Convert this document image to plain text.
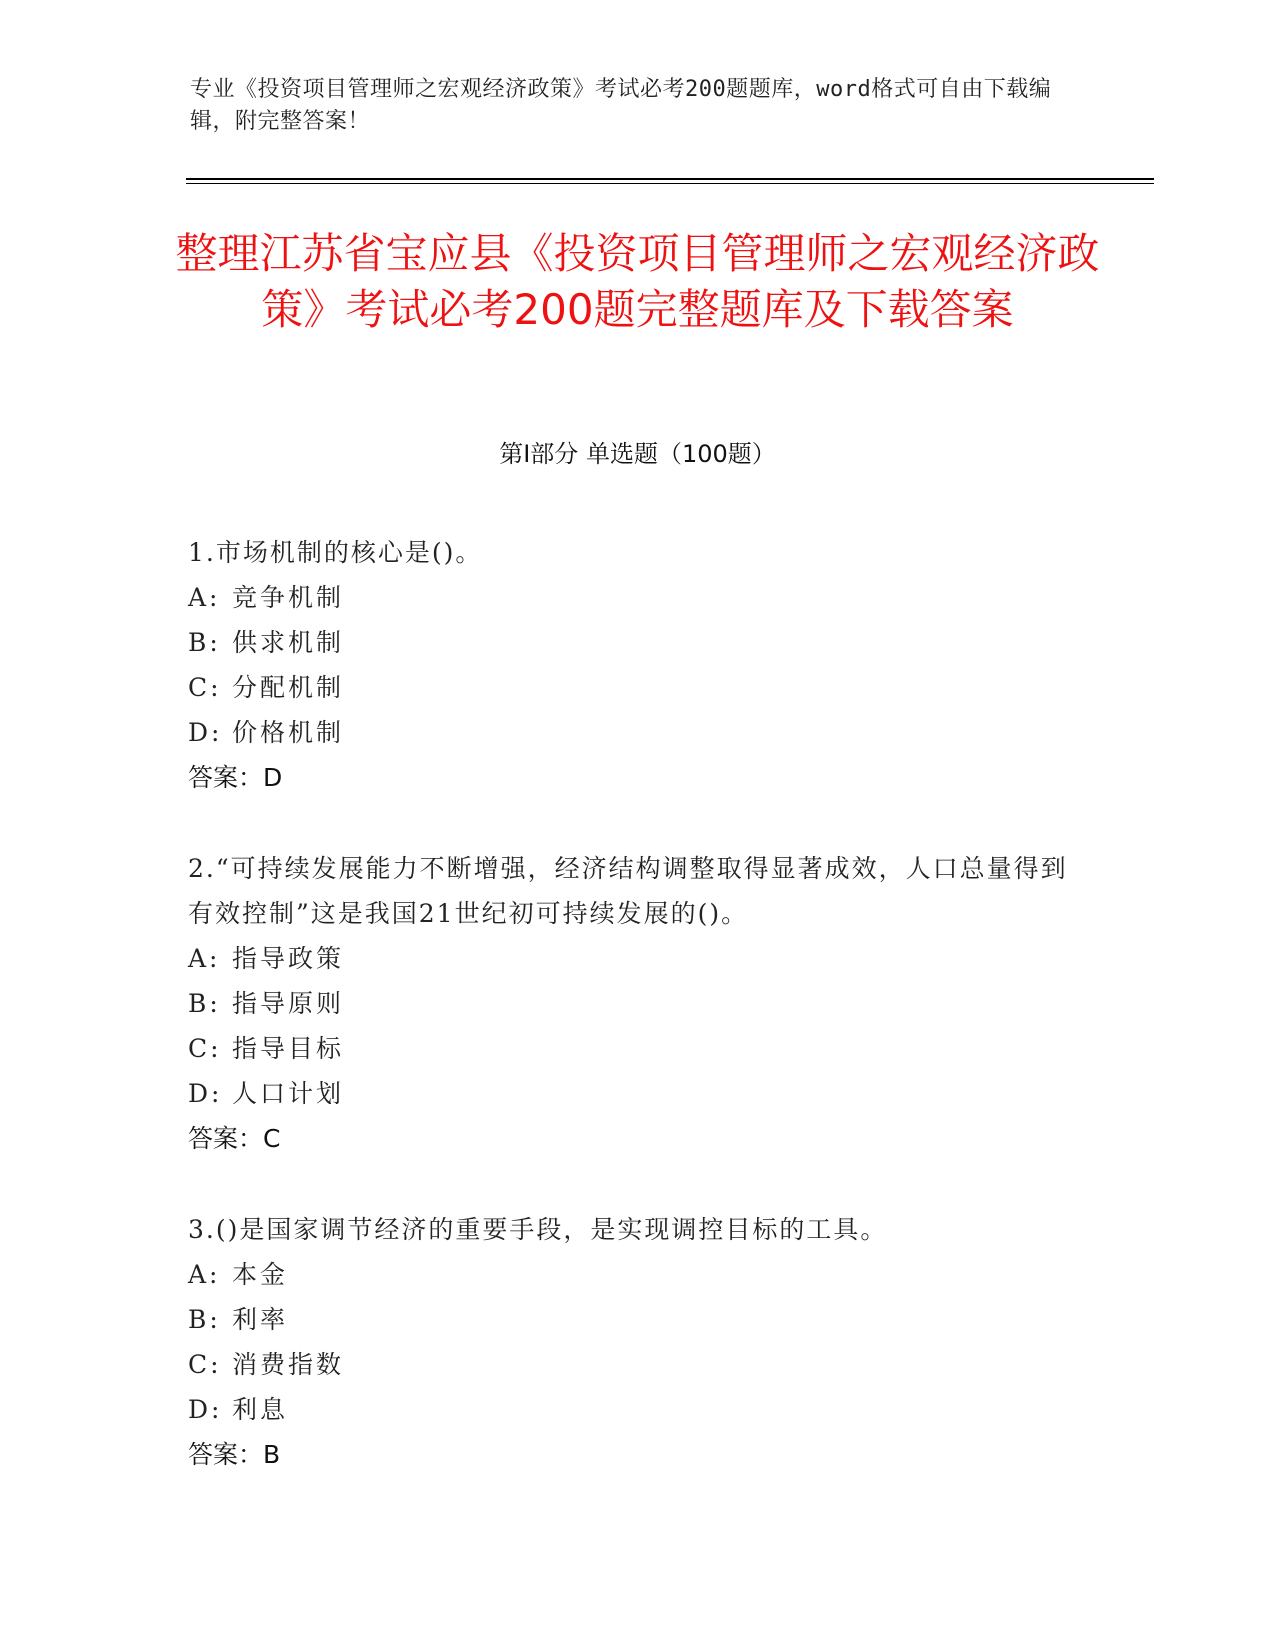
专业《投资项目管理师之宏观经济政策》考试必考200题题库，word格式可自由下载编辑，附完整答案！
整理江苏省宝应县《投资项目管理师之宏观经济政策》考试必考200题完整题库及下载答案
第Ⅰ部分 单选题（100题）
1.市场机制的核心是()。
A: 竞争机制
B: 供求机制
C: 分配机制
D: 价格机制
答案：D
2.“可持续发展能力不断增强，经济结构调整取得显著成效，人口总量得到有效控制”这是我国21世纪初可持续发展的()。
A: 指导政策
B: 指导原则
C: 指导目标
D: 人口计划
答案：C
3.()是国家调节经济的重要手段，是实现调控目标的工具。
A: 本金
B: 利率
C: 消费指数
D: 利息
答案：B
